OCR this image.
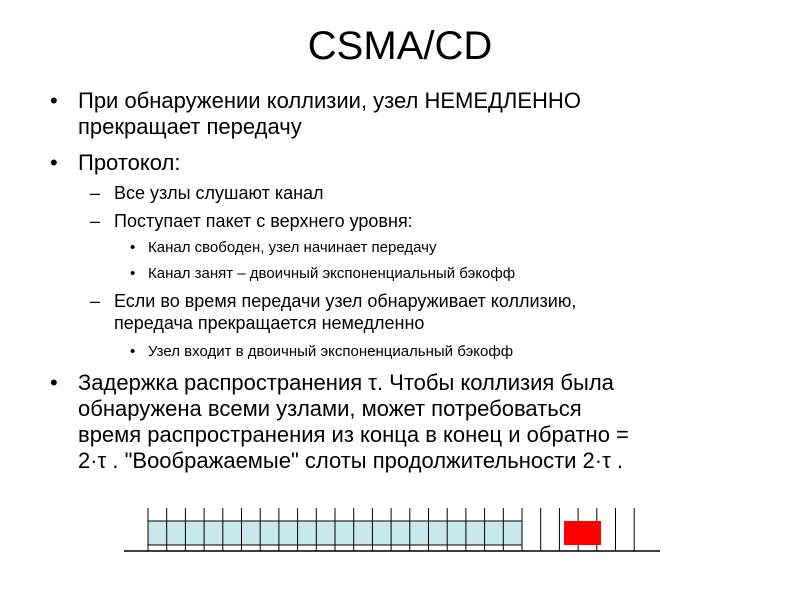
CSMA/CD
• При обнаружении коллизии, узел НЕМЕДЛЕННО
прекращает передачу
• Протокол:
– Все узлы слушают канал
– Поступает пакет с верхнего уровня:
• Канал свободен, узел начинает передачу
• Канал занят – двоичный экспоненциальный бэкофф
– Если во время передачи узел обнаруживает коллизию,
передача прекращается немедленно
• Узел входит в двоичный экспоненциальный бэкофф
• Задержка распространения τ. Чтобы коллизия была
обнаружена всеми узлами, может потребоваться
время распространения из конца в конец и обратно =
2·τ . "Воображаемые" слоты продолжительности 2·τ .
